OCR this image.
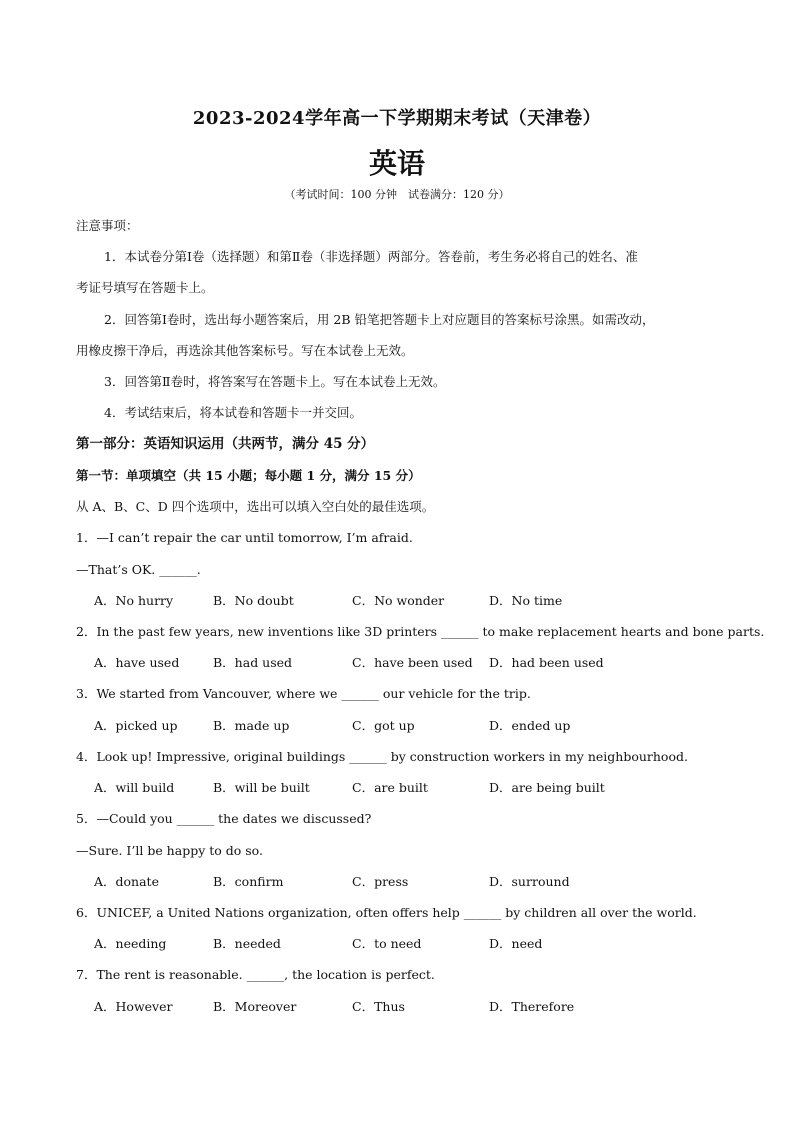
2023-2024学年高一下学期期末考试（天津卷）
英语
（考试时间：100 分钟　试卷满分：120 分）
注意事项：
1．本试卷分第Ⅰ卷（选择题）和第Ⅱ卷（非选择题）两部分。答卷前，考生务必将自己的姓名、准
考证号填写在答题卡上。
2．回答第Ⅰ卷时，选出每小题答案后，用 2B 铅笔把答题卡上对应题目的答案标号涂黑。如需改动，
用橡皮擦干净后，再选涂其他答案标号。写在本试卷上无效。
3．回答第Ⅱ卷时，将答案写在答题卡上。写在本试卷上无效。
4．考试结束后，将本试卷和答题卡一并交回。
第一部分：英语知识运用（共两节，满分 45 分）
第一节：单项填空（共 15 小题；每小题 1 分，满分 15 分）
从 A、B、C、D 四个选项中，选出可以填入空白处的最佳选项。
1．—I can’t repair the car until tomorrow, I’m afraid.
—That’s OK. ______.
A．No hurry	B．No doubt	C．No wonder	D．No time
2．In the past few years, new inventions like 3D printers ______ to make replacement hearts and bone parts.
A．have used	B．had used	C．have been used D．had been used
3．We started from Vancouver, where we ______ our vehicle for the trip.
A．picked up	B．made up	C．got up	D．ended up
4．Look up! Impressive, original buildings ______ by construction workers in my neighbourhood.
A．will build	B．will be built	C．are built	D．are being built
5．—Could you ______ the dates we discussed?
—Sure. I’ll be happy to do so.
A．donate	B．confirm	C．press	D．surround
6．UNICEF, a United Nations organization, often offers help ______ by children all over the world.
A．needing	B．needed	C．to need	D．need
7．The rent is reasonable. ______, the location is perfect.
A．However	B．Moreover	C．Thus	D．Therefore
